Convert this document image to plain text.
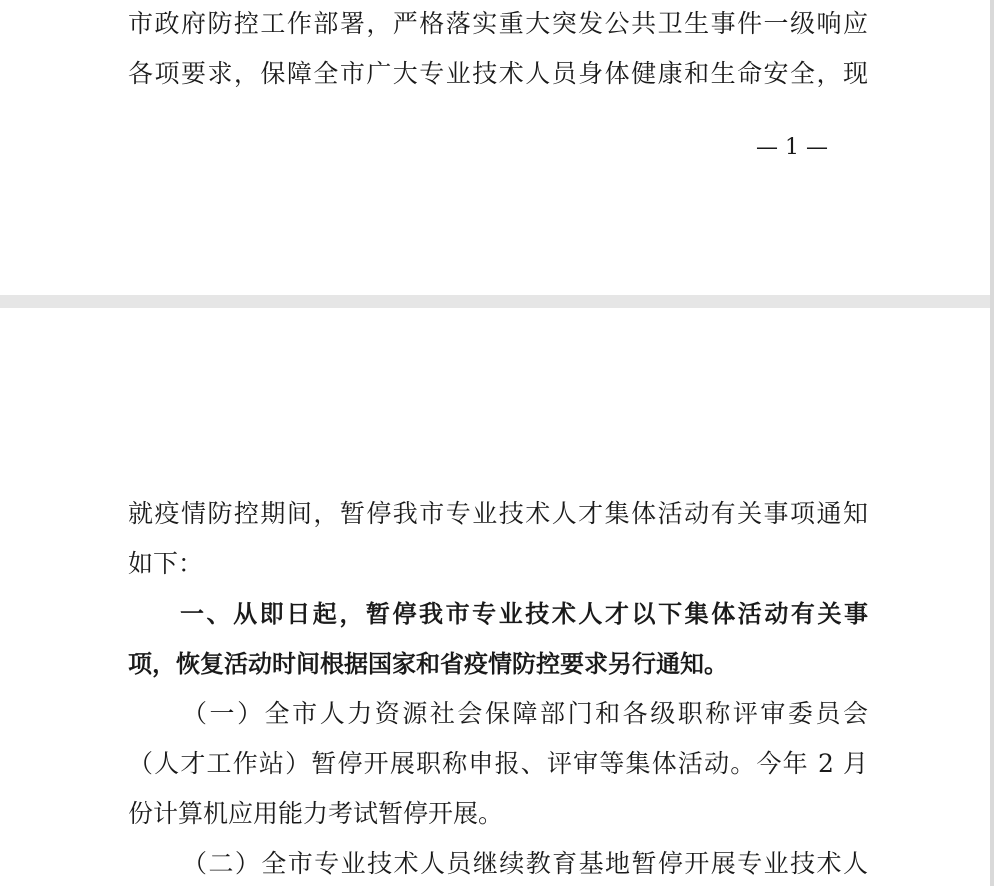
市政府防控工作部署，严格落实重大突发公共卫生事件一级响应
各项要求，保障全市广大专业技术人员身体健康和生命安全，现
— 1 —
就疫情防控期间，暂停我市专业技术人才集体活动有关事项通知
如下：
一、从即日起，暂停我市专业技术人才以下集体活动有关事
项，恢复活动时间根据国家和省疫情防控要求另行通知。
（一）全市人力资源社会保障部门和各级职称评审委员会
（人才工作站）暂停开展职称申报、评审等集体活动。今年 2 月
份计算机应用能力考试暂停开展。
（二）全市专业技术人员继续教育基地暂停开展专业技术人
